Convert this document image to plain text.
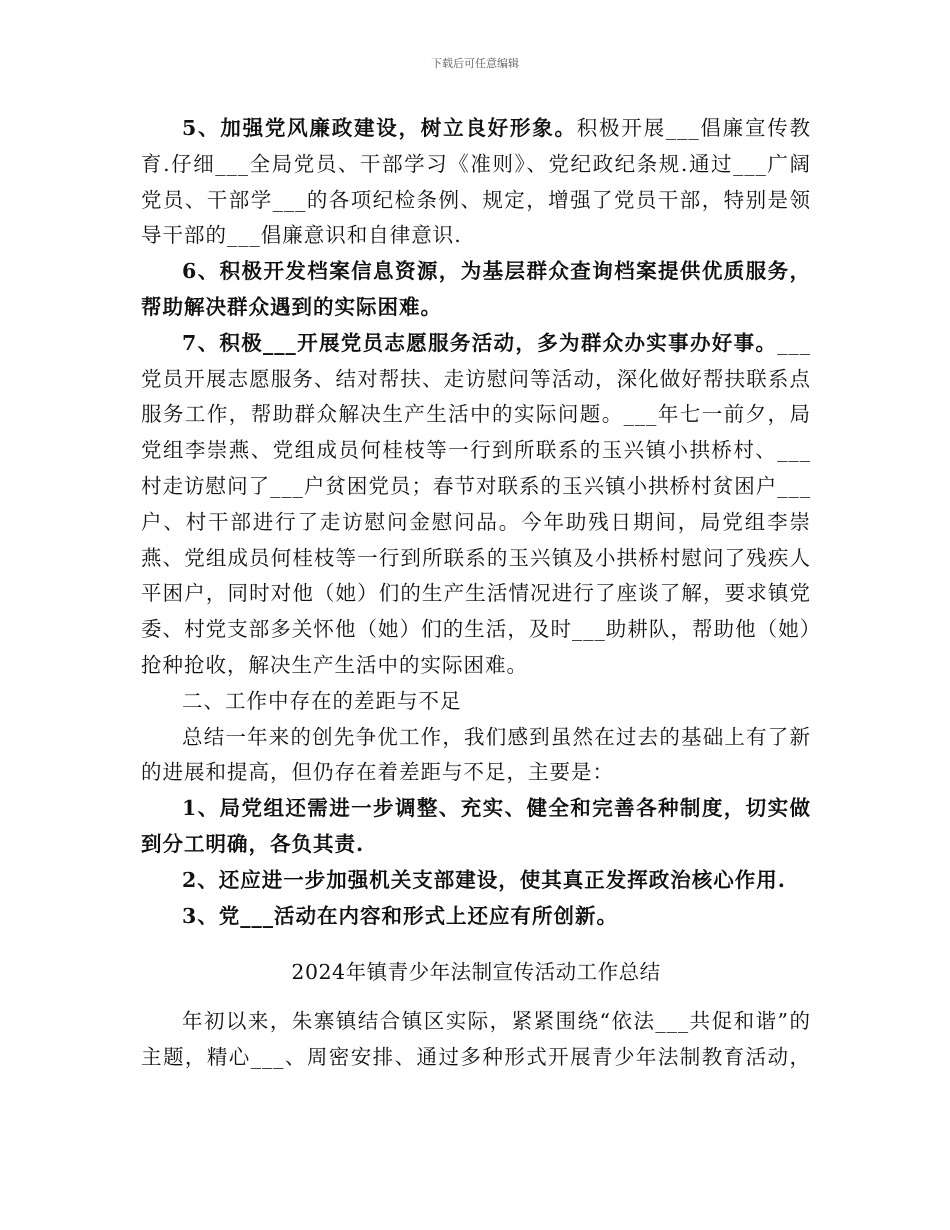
下载后可任意编辑

5、加强党风廉政建设，树立良好形象。积极开展___倡廉宣传教育.仔细___全局党员、干部学习《准则》、党纪政纪条规.通过___广阔党员、干部学___的各项纪检条例、规定，增强了党员干部，特别是领导干部的___倡廉意识和自律意识.

6、积极开发档案信息资源，为基层群众查询档案提供优质服务，帮助解决群众遇到的实际困难。

7、积极___开展党员志愿服务活动，多为群众办实事办好事。___党员开展志愿服务、结对帮扶、走访慰问等活动，深化做好帮扶联系点服务工作，帮助群众解决生产生活中的实际问题。___年七一前夕，局党组李崇燕、党组成员何桂枝等一行到所联系的玉兴镇小拱桥村、___村走访慰问了___户贫困党员；春节对联系的玉兴镇小拱桥村贫困户___户、村干部进行了走访慰问金慰问品。今年助残日期间，局党组李崇燕、党组成员何桂枝等一行到所联系的玉兴镇及小拱桥村慰问了残疾人平困户，同时对他（她）们的生产生活情况进行了座谈了解，要求镇党委、村党支部多关怀他（她）们的生活，及时___助耕队，帮助他（她）抢种抢收，解决生产生活中的实际困难。

二、工作中存在的差距与不足

总结一年来的创先争优工作，我们感到虽然在过去的基础上有了新的进展和提高，但仍存在着差距与不足，主要是：

1、局党组还需进一步调整、充实、健全和完善各种制度，切实做到分工明确，各负其责.

2、还应进一步加强机关支部建设，使其真正发挥政治核心作用.

3、党___活动在内容和形式上还应有所创新。

2024年镇青少年法制宣传活动工作总结

年初以来，朱寨镇结合镇区实际，紧紧围绕“依法___共促和谐”的主题，精心___、周密安排、通过多种形式开展青少年法制教育活动，
